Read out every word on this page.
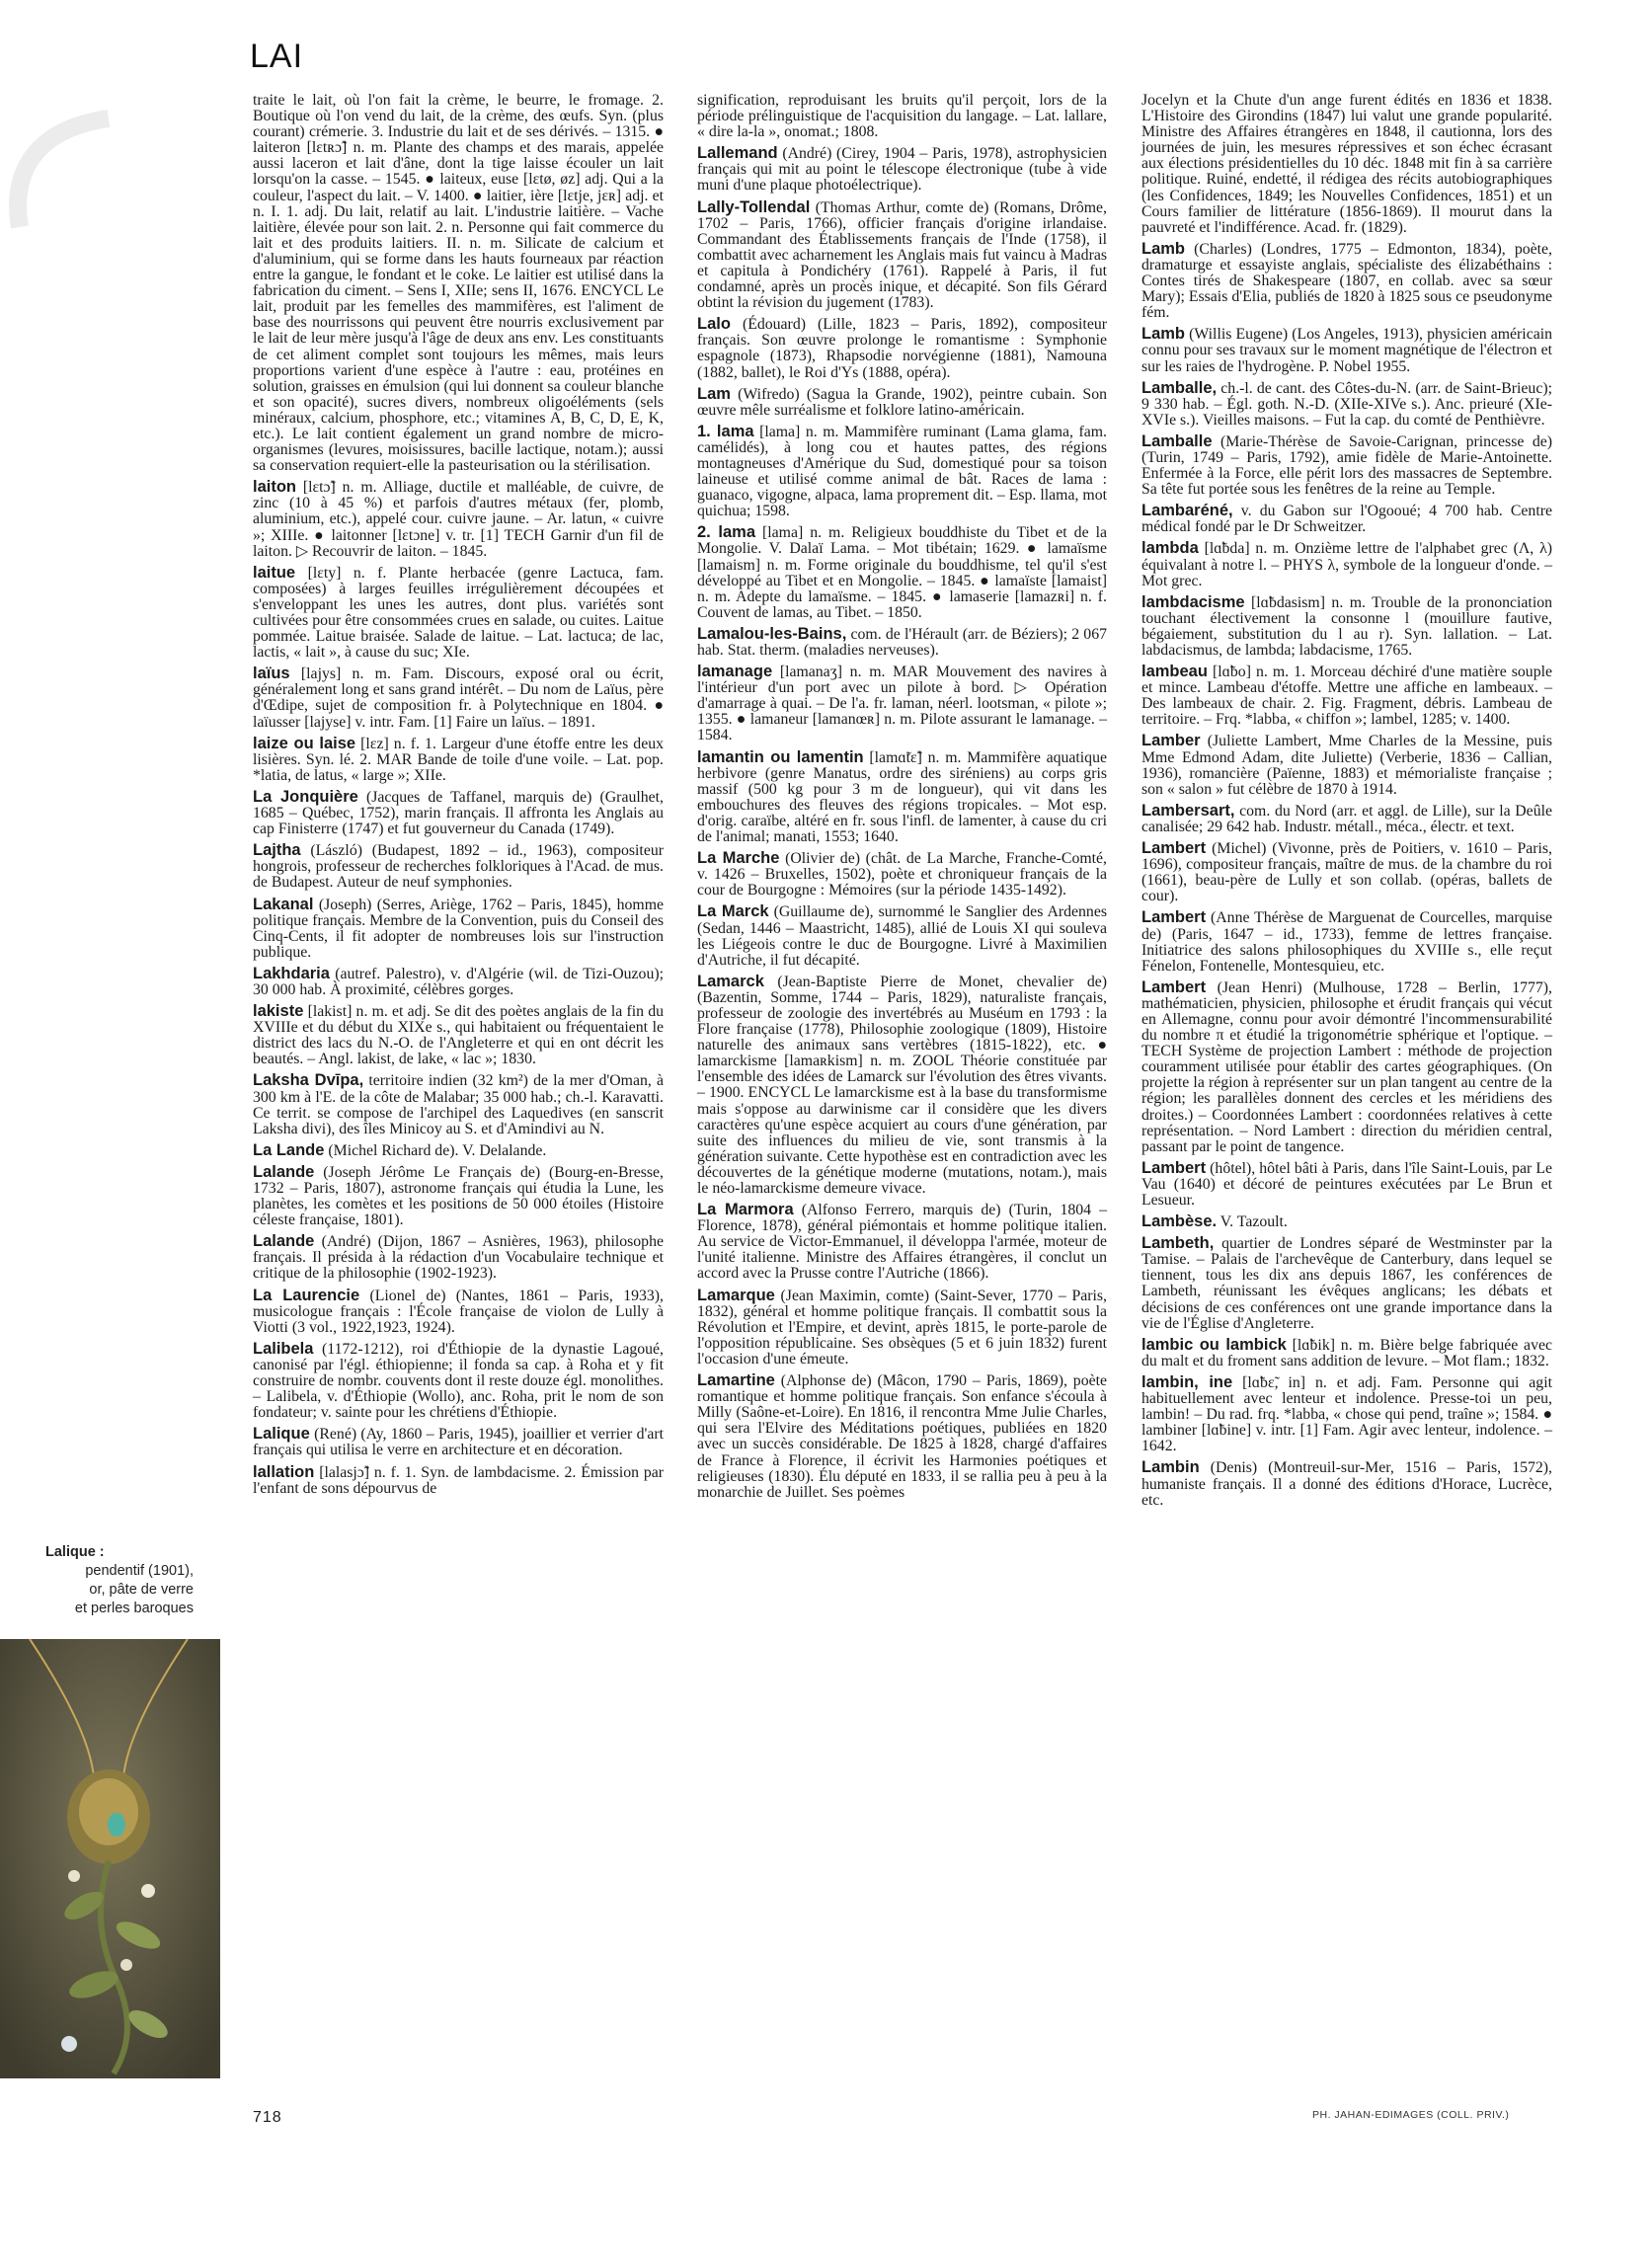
LAI
traite le lait, où l'on fait la crème, le beurre, le fromage. 2. Boutique où l'on vend du lait, de la crème, des œufs. Syn. (plus courant) crémerie. 3. Industrie du lait et de ses dérivés. – 1315. ● laiteron [lɛtʀɔ̃] n. m. Plante des champs et des marais, appelée aussi laceron et lait d'âne, dont la tige laisse écouler un lait lorsqu'on la casse. – 1545. ● laiteux, euse [lɛtø, øz] adj. Qui a la couleur, l'aspect du lait. – V. 1400. ● laitier, ière [lɛtje, jɛʀ] adj. et n. I. 1. adj. Du lait, relatif au lait. L'industrie laitière. – Vache laitière, élevée pour son lait. 2. n. Personne qui fait commerce du lait et des produits laitiers. II. n. m. Silicate de calcium et d'aluminium, qui se forme dans les hauts fourneaux par réaction entre la gangue, le fondant et le coke. Le laitier est utilisé dans la fabrication du ciment. – Sens I, XIIe; sens II, 1676. ENCYCL Le lait, produit par les femelles des mammifères, est l'aliment de base des nourrissons qui peuvent être nourris exclusivement par le lait de leur mère jusqu'à l'âge de deux ans env. Les constituants de cet aliment complet sont toujours les mêmes, mais leurs proportions varient d'une espèce à l'autre : eau, protéines en solution, graisses en émulsion (qui lui donnent sa couleur blanche et son opacité), sucres divers, nombreux oligoéléments (sels minéraux, calcium, phosphore, etc.; vitamines A, B, C, D, E, K, etc.). Le lait contient également un grand nombre de micro-organismes (levures, moisissures, bacille lactique, notam.); aussi sa conservation requiert-elle la pasteurisation ou la stérilisation.
laiton [lɛtɔ̃] n. m. Alliage, ductile et malléable, de cuivre, de zinc (10 à 45 %) et parfois d'autres métaux (fer, plomb, aluminium, etc.), appelé cour. cuivre jaune. – Ar. latun, « cuivre »; XIIIe. ● laitonner [lɛtɔne] v. tr. [1] TECH Garnir d'un fil de laiton. ▷ Recouvrir de laiton. – 1845.
laitue [lɛty] n. f. Plante herbacée (genre Lactuca, fam. composées) à larges feuilles irrégulièrement découpées et s'enveloppant les unes les autres, dont plus. variétés sont cultivées pour être consommées crues en salade, ou cuites. Laitue pommée. Laitue braisée. Salade de laitue. – Lat. lactuca; de lac, lactis, « lait », à cause du suc; XIe.
laïus [lajys] n. m. Fam. Discours, exposé oral ou écrit, généralement long et sans grand intérêt. – Du nom de Laïus, père d'Œdipe, sujet de composition fr. à Polytechnique en 1804. ● laïusser [lajyse] v. intr. Fam. [1] Faire un laïus. – 1891.
laize ou laise [lɛz] n. f. 1. Largeur d'une étoffe entre les deux lisières. Syn. lé. 2. MAR Bande de toile d'une voile. – Lat. pop. *latia, de latus, « large »; XIIe.
La Jonquière (Jacques de Taffanel, marquis de) (Graulhet, 1685 – Québec, 1752), marin français. Il affronta les Anglais au cap Finisterre (1747) et fut gouverneur du Canada (1749).
Lajtha (László) (Budapest, 1892 – id., 1963), compositeur hongrois, professeur de recherches folkloriques à l'Acad. de mus. de Budapest. Auteur de neuf symphonies.
Lakanal (Joseph) (Serres, Ariège, 1762 – Paris, 1845), homme politique français. Membre de la Convention, puis du Conseil des Cinq-Cents, il fit adopter de nombreuses lois sur l'instruction publique.
Lakhdaria (autref. Palestro), v. d'Algérie (wil. de Tizi-Ouzou); 30 000 hab. À proximité, célèbres gorges.
lakiste [lakist] n. m. et adj. Se dit des poètes anglais de la fin du XVIIIe et du début du XIXe s., qui habitaient ou fréquentaient le district des lacs du N.-O. de l'Angleterre et qui en ont décrit les beautés. – Angl. lakist, de lake, « lac »; 1830.
Laksha Dvīpa, territoire indien (32 km²) de la mer d'Oman, à 300 km à l'E. de la côte de Malabar; 35 000 hab.; ch.-l. Karavatti. Ce territ. se compose de l'archipel des Laquedives (en sanscrit Laksha divi), des îles Minicoy au S. et d'Amindivi au N.
La Lande (Michel Richard de). V. Delalande.
Lalande (Joseph Jérôme Le Français de) (Bourg-en-Bresse, 1732 – Paris, 1807), astronome français qui étudia la Lune, les planètes, les comètes et les positions de 50 000 étoiles (Histoire céleste française, 1801).
Lalande (André) (Dijon, 1867 – Asnières, 1963), philosophe français. Il présida à la rédaction d'un Vocabulaire technique et critique de la philosophie (1902-1923).
La Laurencie (Lionel de) (Nantes, 1861 – Paris, 1933), musicologue français : l'École française de violon de Lully à Viotti (3 vol., 1922,1923, 1924).
Lalibela (1172-1212), roi d'Éthiopie de la dynastie Lagoué, canonisé par l'égl. éthiopienne; il fonda sa cap. à Roha et y fit construire de nombr. couvents dont il reste douze égl. monolithes. – Lalibela, v. d'Éthiopie (Wollo), anc. Roha, prit le nom de son fondateur; v. sainte pour les chrétiens d'Éthiopie.
Lalique (René) (Ay, 1860 – Paris, 1945), joaillier et verrier d'art français qui utilisa le verre en architecture et en décoration.
lallation [lalasjɔ̃] n. f. 1. Syn. de lambdacisme. 2. Émission par l'enfant de sons dépourvus de
signification, reproduisant les bruits qu'il perçoit, lors de la période prélinguistique de l'acquisition du langage. – Lat. lallare, « dire la-la », onomat.; 1808.
Lallemand (André) (Cirey, 1904 – Paris, 1978), astrophysicien français qui mit au point le télescope électronique (tube à vide muni d'une plaque photoélectrique).
Lally-Tollendal (Thomas Arthur, comte de) (Romans, Drôme, 1702 – Paris, 1766), officier français d'origine irlandaise. Commandant des Établissements français de l'Inde (1758), il combattit avec acharnement les Anglais mais fut vaincu à Madras et capitula à Pondichéry (1761). Rappelé à Paris, il fut condamné, après un procès inique, et décapité. Son fils Gérard obtint la révision du jugement (1783).
Lalo (Édouard) (Lille, 1823 – Paris, 1892), compositeur français. Son œuvre prolonge le romantisme : Symphonie espagnole (1873), Rhapsodie norvégienne (1881), Namouna (1882, ballet), le Roi d'Ys (1888, opéra).
Lam (Wifredo) (Sagua la Grande, 1902), peintre cubain. Son œuvre mêle surréalisme et folklore latino-américain.
1. lama [lama] n. m. Mammifère ruminant (Lama glama, fam. camélidés), à long cou et hautes pattes, des régions montagneuses d'Amérique du Sud, domestiqué pour sa toison laineuse et utilisé comme animal de bât. Races de lama : guanaco, vigogne, alpaca, lama proprement dit. – Esp. llama, mot quichua; 1598.
2. lama [lama] n. m. Religieux bouddhiste du Tibet et de la Mongolie. V. Dalaï Lama. – Mot tibétain; 1629. ● lamaïsme [lamaism] n. m. Forme originale du bouddhisme, tel qu'il s'est développé au Tibet et en Mongolie. – 1845. ● lamaïste [lamaist] n. m. Adepte du lamaïsme. – 1845. ● lamaserie [lamazʀi] n. f. Couvent de lamas, au Tibet. – 1850.
Lamalou-les-Bains, com. de l'Hérault (arr. de Béziers); 2 067 hab. Stat. therm. (maladies nerveuses).
lamanage [lamanaʒ] n. m. MAR Mouvement des navires à l'intérieur d'un port avec un pilote à bord. ▷ Opération d'amarrage à quai. – De l'a. fr. laman, néerl. lootsman, « pilote »; 1355. ● lamaneur [lamanœʀ] n. m. Pilote assurant le lamanage. – 1584.
lamantin ou lamentin [lamɑ̃tɛ̃] n. m. Mammifère aquatique herbivore (genre Manatus, ordre des siréniens) au corps gris massif (500 kg pour 3 m de longueur), qui vit dans les embouchures des fleuves des régions tropicales. – Mot esp. d'orig. caraïbe, altéré en fr. sous l'infl. de lamenter, à cause du cri de l'animal; manati, 1553; 1640.
La Marche (Olivier de) (chât. de La Marche, Franche-Comté, v. 1426 – Bruxelles, 1502), poète et chroniqueur français de la cour de Bourgogne : Mémoires (sur la période 1435-1492).
La Marck (Guillaume de), surnommé le Sanglier des Ardennes (Sedan, 1446 – Maastricht, 1485), allié de Louis XI qui souleva les Liégeois contre le duc de Bourgogne. Livré à Maximilien d'Autriche, il fut décapité.
Lamarck (Jean-Baptiste Pierre de Monet, chevalier de) (Bazentin, Somme, 1744 – Paris, 1829), naturaliste français, professeur de zoologie des invertébrés au Muséum en 1793 : la Flore française (1778), Philosophie zoologique (1809), Histoire naturelle des animaux sans vertèbres (1815-1822), etc. ● lamarckisme [lamaʀkism] n. m. ZOOL Théorie constituée par l'ensemble des idées de Lamarck sur l'évolution des êtres vivants. – 1900. ENCYCL Le lamarckisme est à la base du transformisme mais s'oppose au darwinisme car il considère que les divers caractères qu'une espèce acquiert au cours d'une génération, par suite des influences du milieu de vie, sont transmis à la génération suivante. Cette hypothèse est en contradiction avec les découvertes de la génétique moderne (mutations, notam.), mais le néo-lamarckisme demeure vivace.
La Marmora (Alfonso Ferrero, marquis de) (Turin, 1804 – Florence, 1878), général piémontais et homme politique italien. Au service de Victor-Emmanuel, il développa l'armée, moteur de l'unité italienne. Ministre des Affaires étrangères, il conclut un accord avec la Prusse contre l'Autriche (1866).
Lamarque (Jean Maximin, comte) (Saint-Sever, 1770 – Paris, 1832), général et homme politique français. Il combattit sous la Révolution et l'Empire, et devint, après 1815, le porte-parole de l'opposition républicaine. Ses obsèques (5 et 6 juin 1832) furent l'occasion d'une émeute.
Lamartine (Alphonse de) (Mâcon, 1790 – Paris, 1869), poète romantique et homme politique français. Son enfance s'écoula à Milly (Saône-et-Loire). En 1816, il rencontra Mme Julie Charles, qui sera l'Elvire des Méditations poétiques, publiées en 1820 avec un succès considérable. De 1825 à 1828, chargé d'affaires de France à Florence, il écrivit les Harmonies poétiques et religieuses (1830). Élu député en 1833, il se rallia peu à peu à la monarchie de Juillet. Ses poèmes
Jocelyn et la Chute d'un ange furent édités en 1836 et 1838. L'Histoire des Girondins (1847) lui valut une grande popularité. Ministre des Affaires étrangères en 1848, il cautionna, lors des journées de juin, les mesures répressives et son échec écrasant aux élections présidentielles du 10 déc. 1848 mit fin à sa carrière politique. Ruiné, endetté, il rédigea des récits autobiographiques (les Confidences, 1849; les Nouvelles Confidences, 1851) et un Cours familier de littérature (1856-1869). Il mourut dans la pauvreté et l'indifférence. Acad. fr. (1829).
Lamb (Charles) (Londres, 1775 – Edmonton, 1834), poète, dramaturge et essayiste anglais, spécialiste des élizabéthains : Contes tirés de Shakespeare (1807, en collab. avec sa sœur Mary); Essais d'Elia, publiés de 1820 à 1825 sous ce pseudonyme fém.
Lamb (Willis Eugene) (Los Angeles, 1913), physicien américain connu pour ses travaux sur le moment magnétique de l'électron et sur les raies de l'hydrogène. P. Nobel 1955.
Lamballe, ch.-l. de cant. des Côtes-du-N. (arr. de Saint-Brieuc); 9 330 hab. – Égl. goth. N.-D. (XIIe-XIVe s.). Anc. prieuré (XIe-XVIe s.). Vieilles maisons. – Fut la cap. du comté de Penthièvre.
Lamballe (Marie-Thérèse de Savoie-Carignan, princesse de) (Turin, 1749 – Paris, 1792), amie fidèle de Marie-Antoinette. Enfermée à la Force, elle périt lors des massacres de Septembre. Sa tête fut portée sous les fenêtres de la reine au Temple.
Lambaréné, v. du Gabon sur l'Ogooué; 4 700 hab. Centre médical fondé par le Dr Schweitzer.
lambda [lɑ̃bda] n. m. Onzième lettre de l'alphabet grec (Λ, λ) équivalant à notre l. – PHYS λ, symbole de la longueur d'onde. – Mot grec.
lambdacisme [lɑ̃bdasism] n. m. Trouble de la prononciation touchant électivement la consonne l (mouillure fautive, bégaiement, substitution du l au r). Syn. lallation. – Lat. labdacismus, de lambda; labdacisme, 1765.
lambeau [lɑ̃bo] n. m. 1. Morceau déchiré d'une matière souple et mince. Lambeau d'étoffe. Mettre une affiche en lambeaux. – Des lambeaux de chair. 2. Fig. Fragment, débris. Lambeau de territoire. – Frq. *labba, « chiffon »; lambel, 1285; v. 1400.
Lamber (Juliette Lambert, Mme Charles de la Messine, puis Mme Edmond Adam, dite Juliette) (Verberie, 1836 – Callian, 1936), romancière (Païenne, 1883) et mémorialiste française ; son « salon » fut célèbre de 1870 à 1914.
Lambersart, com. du Nord (arr. et aggl. de Lille), sur la Deûle canalisée; 29 642 hab. Industr. métall., méca., électr. et text.
Lambert (Michel) (Vivonne, près de Poitiers, v. 1610 – Paris, 1696), compositeur français, maître de mus. de la chambre du roi (1661), beau-père de Lully et son collab. (opéras, ballets de cour).
Lambert (Anne Thérèse de Marguenat de Courcelles, marquise de) (Paris, 1647 – id., 1733), femme de lettres française. Initiatrice des salons philosophiques du XVIIIe s., elle reçut Fénelon, Fontenelle, Montesquieu, etc.
Lambert (Jean Henri) (Mulhouse, 1728 – Berlin, 1777), mathématicien, physicien, philosophe et érudit français qui vécut en Allemagne, connu pour avoir démontré l'incommensurabilité du nombre π et étudié la trigonométrie sphérique et l'optique. – TECH Système de projection Lambert : méthode de projection couramment utilisée pour établir des cartes géographiques. (On projette la région à représenter sur un plan tangent au centre de la région; les parallèles donnent des cercles et les méridiens des droites.) – Coordonnées Lambert : coordonnées relatives à cette représentation. – Nord Lambert : direction du méridien central, passant par le point de tangence.
Lambert (hôtel), hôtel bâti à Paris, dans l'île Saint-Louis, par Le Vau (1640) et décoré de peintures exécutées par Le Brun et Lesueur.
Lambèse. V. Tazoult.
Lambeth, quartier de Londres séparé de Westminster par la Tamise. – Palais de l'archevêque de Canterbury, dans lequel se tiennent, tous les dix ans depuis 1867, les conférences de Lambeth, réunissant les évêques anglicans; les débats et décisions de ces conférences ont une grande importance dans la vie de l'Église d'Angleterre.
lambic ou lambick [lɑ̃bik] n. m. Bière belge fabriquée avec du malt et du froment sans addition de levure. – Mot flam.; 1832.
lambin, ine [lɑ̃bɛ̃, in] n. et adj. Fam. Personne qui agit habituellement avec lenteur et indolence. Presse-toi un peu, lambin! – Du rad. frq. *labba, « chose qui pend, traîne »; 1584. ● lambiner [lɑ̃bine] v. intr. [1] Fam. Agir avec lenteur, indolence. – 1642.
Lambin (Denis) (Montreuil-sur-Mer, 1516 – Paris, 1572), humaniste français. Il a donné des éditions d'Horace, Lucrèce, etc.
Lalique :
pendentif (1901),
or, pâte de verre
et perles baroques
718	PH. JAHAN-EDIMAGES (COLL. PRIV.)
